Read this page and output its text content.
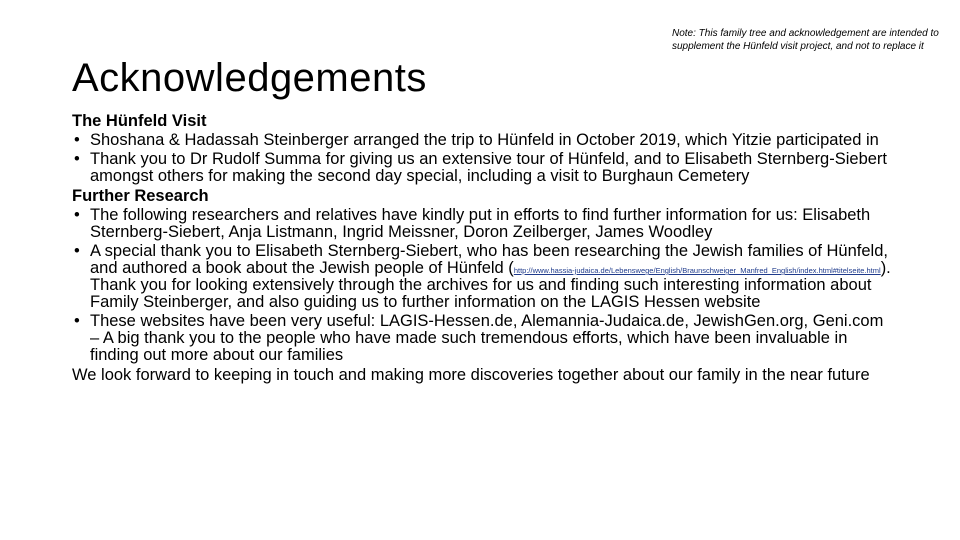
Acknowledgements
Note: This family tree and acknowledgement are intended to supplement the Hünfeld visit project, and not to replace it
The Hünfeld Visit
• Shoshana & Hadassah Steinberger arranged the trip to Hünfeld in October 2019, which Yitzie participated in
• Thank you to Dr Rudolf Summa for giving us an extensive tour of Hünfeld, and to Elisabeth Sternberg-Siebert amongst others for making the second day special, including a visit to Burghaun Cemetery
Further Research
• The following researchers and relatives have kindly put in efforts to find further information for us: Elisabeth Sternberg-Siebert, Anja Listmann, Ingrid Meissner, Doron Zeilberger, James Woodley
• A special thank you to Elisabeth Sternberg-Siebert, who has been researching the Jewish families of Hünfeld, and authored a book about the Jewish people of Hünfeld (http://www.hassia-judaica.de/Lebenswege/English/Braunschweiger_Manfred_English/index.html#titelseite.html). Thank you for looking extensively through the archives for us and finding such interesting information about Family Steinberger, and also guiding us to further information on the LAGIS Hessen website
• These websites have been very useful: LAGIS-Hessen.de, Alemannia-Judaica.de, JewishGen.org, Geni.com – A big thank you to the people who have made such tremendous efforts, which have been invaluable in finding out more about our families
We look forward to keeping in touch and making more discoveries together about our family in the near future
